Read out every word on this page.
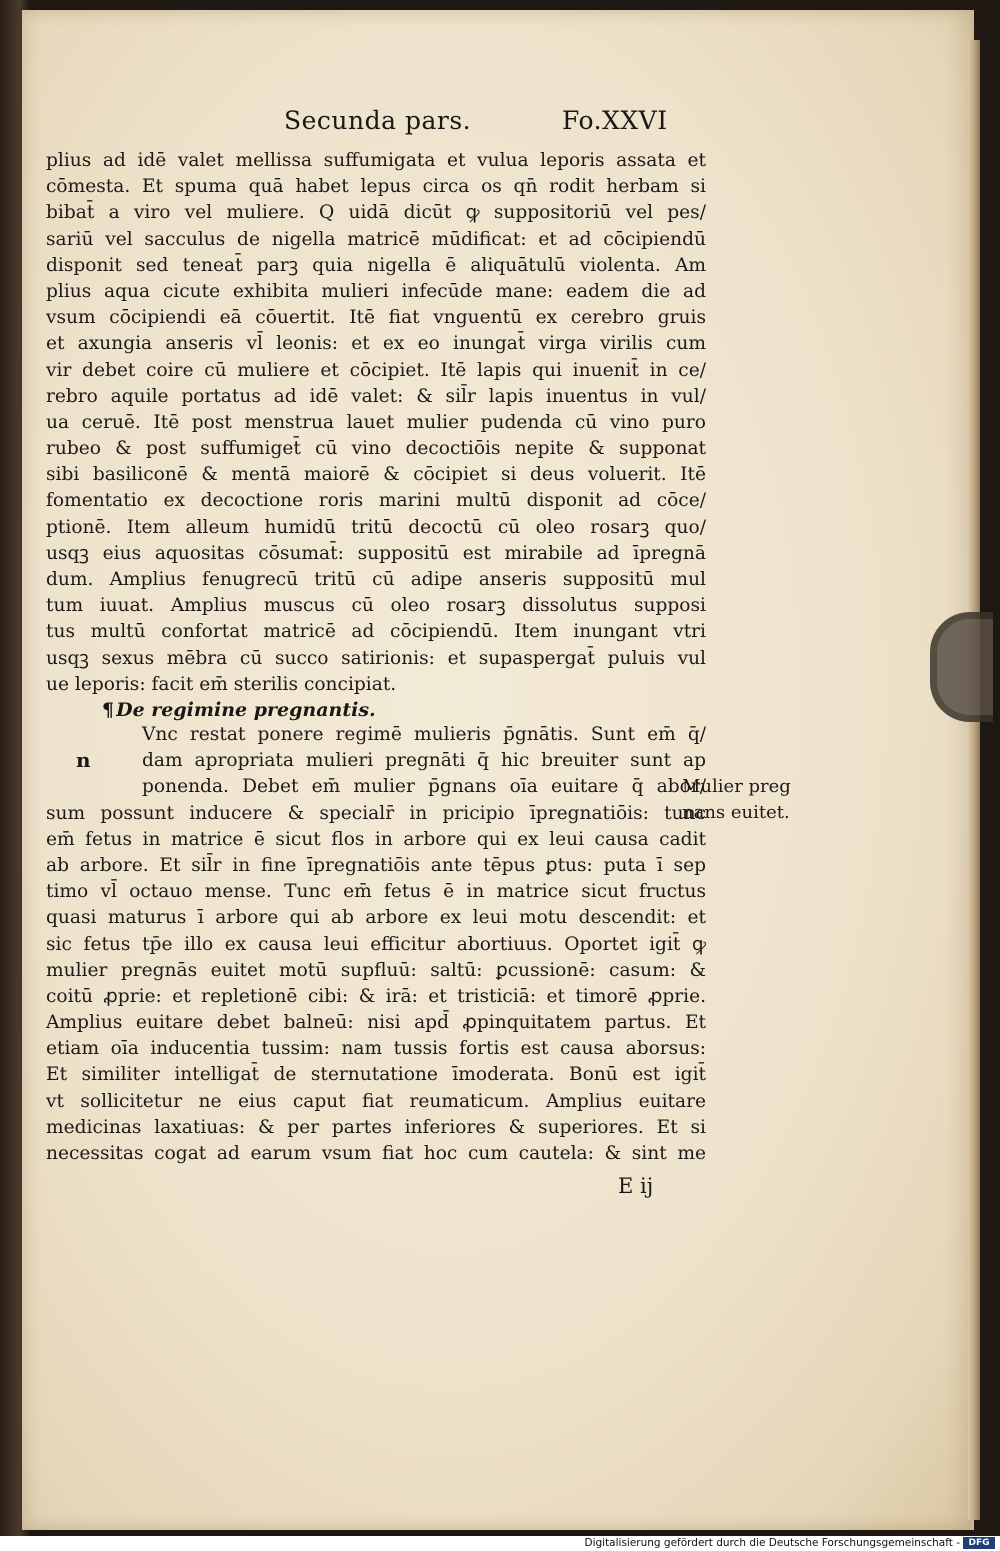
Secunda pars.	Fo.XXVI
plius ad idē valet mellissa suffumigata et vulua leporis assata et
cōmesta. Et spuma quā habet lepus circa os qn̄ rodit herbam si
bibat̄ a viro vel muliere. Q uidā dicūt ꝙ suppositoriū vel pes/
sariū vel sacculus de nigella matricē mūdificat: et ad cōcipiendū
disponit sed teneat̄ parꝫ quia nigella ē aliquātulū violenta. Am
plius aqua cicute exhibita mulieri infecūde mane: eadem die ad
vsum cōcipiendi eā cōuertit. Itē fiat vnguentū ex cerebro gruis
et axungia anseris vl̄ leonis: et ex eo inungat̄ virga virilis cum
vir debet coire cū muliere et cōcipiet. Itē lapis qui inuenit̄ in ce/
rebro aquile portatus ad idē valet: & sil̄r lapis inuentus in vul/
ua ceruē. Itē post menstrua lauet mulier pudenda cū vino puro
rubeo & post suffumiget̄ cū vino decoctiōis nepite & supponat
sibi basiliconē & mentā maiorē & cōcipiet si deus voluerit. Itē
fomentatio ex decoctione roris marini multū disponit ad cōce/
ptionē. Item alleum humidū tritū decoctū cū oleo rosarꝫ quo/
usqꝫ eius aquositas cōsumat̄: suppositū est mirabile ad īpregnā
dum. Amplius fenugrecū tritū cū adipe anseris suppositū mul
tum iuuat. Amplius muscus cū oleo rosarꝫ dissolutus supposi
tus multū confortat matricē ad cōcipiendū. Item inungant vtri
usqꝫ sexus mēbra cū succo satirionis: et supaspergat̄ puluis vul
ue leporis: facit em̄ sterilis concipiat.
¶ De regimine pregnantis.
n
Vnc restat ponere regimē mulieris p̄gnātis. Sunt em̄ q̄/
dam apropriata mulieri pregnāti q̄ hic breuiter sunt ap
ponenda. Debet em̄ mulier p̄gnans oīa euitare q̄ abor/
sum possunt inducere & specialr̄ in pricipio īpregnatiōis: tunc
em̄ fetus in matrice ē sicut flos in arbore qui ex leui causa cadit
ab arbore. Et sil̄r in fine īpregnatiōis ante tēpus ꝑtus: puta ī sep
timo vl̄ octauo mense. Tunc em̄ fetus ē in matrice sicut fructus
quasi maturus ī arbore qui ab arbore ex leui motu descendit: et
sic fetus tp̄e illo ex causa leui efficitur abortiuus. Oportet igit̄ ꝙ
mulier pregnās euitet motū supfluū: saltū: ꝑcussionē: casum: &
coitū ꝓprie: et repletionē cibi: & irā: et tristiciā: et timorē ꝓprie.
Amplius euitare debet balneū: nisi apd̄ ꝓpinquitatem partus. Et
etiam oīa inducentia tussim: nam tussis fortis est causa aborsus:
Et similiter intelligat̄ de sternutatione īmoderata. Bonū est igit̄
vt sollicitetur ne eius caput fiat reumaticum. Amplius euitare
medicinas laxatiuas: & per partes inferiores & superiores. Et si
necessitas cogat ad earum vsum fiat hoc cum cautela: & sint me
Mulier preg
nans euitet.
E ij
Digitalisierung gefördert durch die Deutsche Forschungsgemeinschaft - DFG
